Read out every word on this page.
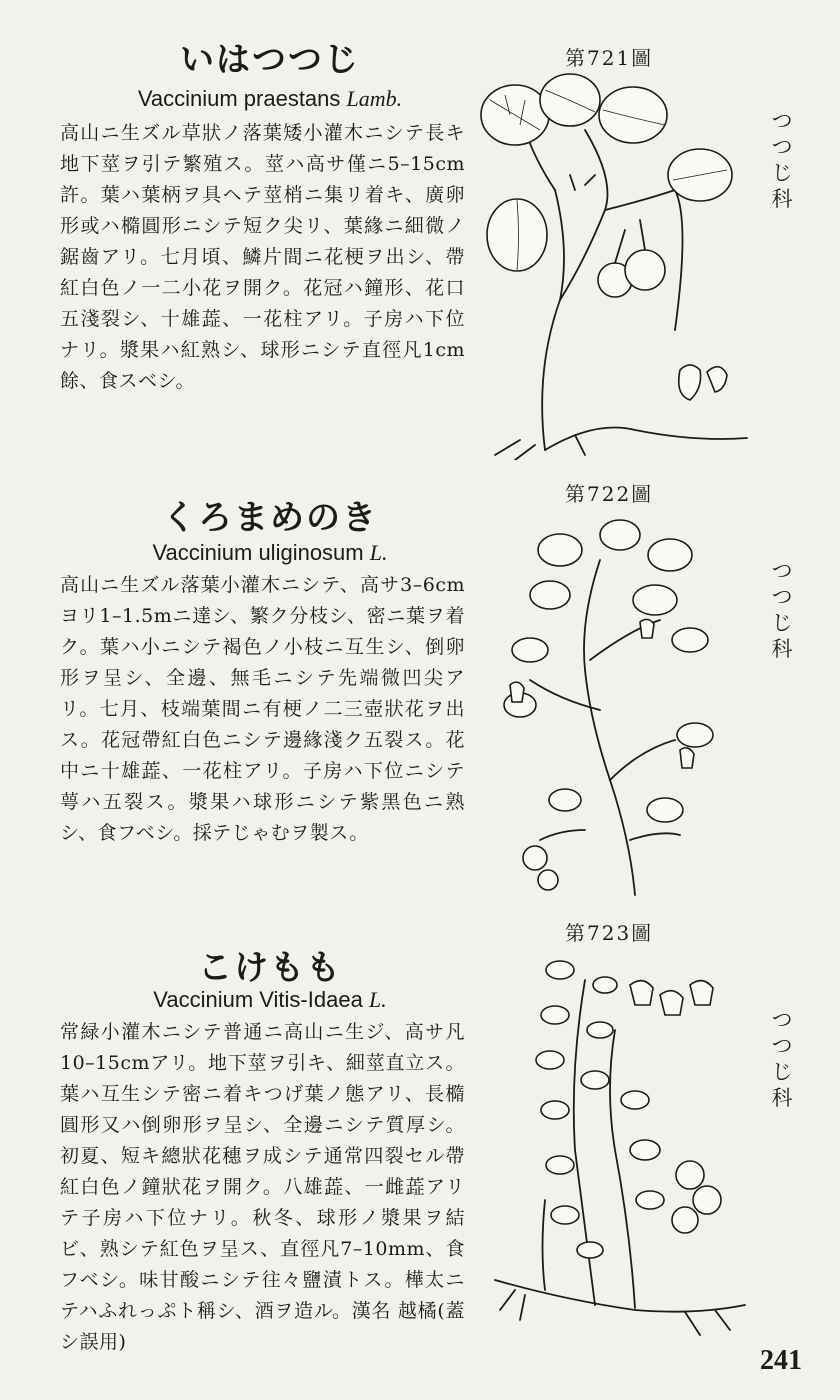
いはつつじ
Vaccinium praestans Lamb.
高山ニ生ズル草狀ノ落葉矮小灌木ニシテ長キ地下莖ヲ引テ繁殖ス。莖ハ高サ僅ニ5–15cm許。葉ハ葉柄ヲ具ヘテ莖梢ニ集リ着キ、廣卵形或ハ橢圓形ニシテ短ク尖リ、葉緣ニ細微ノ鋸齒アリ。七月頃、鱗片間ニ花梗ヲ出シ、帶紅白色ノ一二小花ヲ開ク。花冠ハ鐘形、花口五淺裂シ、十雄蕋、一花柱アリ。子房ハ下位ナリ。漿果ハ紅熟シ、球形ニシテ直徑凡1cm餘、食スベシ。
第721圖
つつじ科
くろまめのき
Vaccinium uliginosum L.
高山ニ生ズル落葉小灌木ニシテ、高サ3–6cm ヨリ1–1.5mニ達シ、繁ク分枝シ、密ニ葉ヲ着ク。葉ハ小ニシテ褐色ノ小枝ニ互生シ、倒卵形ヲ呈シ、全邊、無毛ニシテ先端微凹尖アリ。七月、枝端葉間ニ有梗ノ二三壺狀花ヲ出ス。花冠帶紅白色ニシテ邊緣淺ク五裂ス。花中ニ十雄蕋、一花柱アリ。子房ハ下位ニシテ萼ハ五裂ス。漿果ハ球形ニシテ紫黑色ニ熟シ、食フベシ。採テじゃむヲ製ス。
第722圖
つつじ科
こけもも
Vaccinium Vitis-Idaea L.
常緑小灌木ニシテ普通ニ高山ニ生ジ、高サ凡10–15cmアリ。地下莖ヲ引キ、細莖直立ス。葉ハ互生シテ密ニ着キつげ葉ノ態アリ、長橢圓形又ハ倒卵形ヲ呈シ、全邊ニシテ質厚シ。初夏、短キ總狀花穗ヲ成シテ通常四裂セル帶紅白色ノ鐘狀花ヲ開ク。八雄蕋、一雌蕋アリテ子房ハ下位ナリ。秋冬、球形ノ漿果ヲ結ビ、熟シテ紅色ヲ呈ス、直徑凡7–10mm、食フベシ。味甘酸ニシテ往々鹽漬トス。樺太ニテハふれっぷト稱シ、酒ヲ造ル。漢名 越橘(蓋シ誤用)
第723圖
つつじ科
241
